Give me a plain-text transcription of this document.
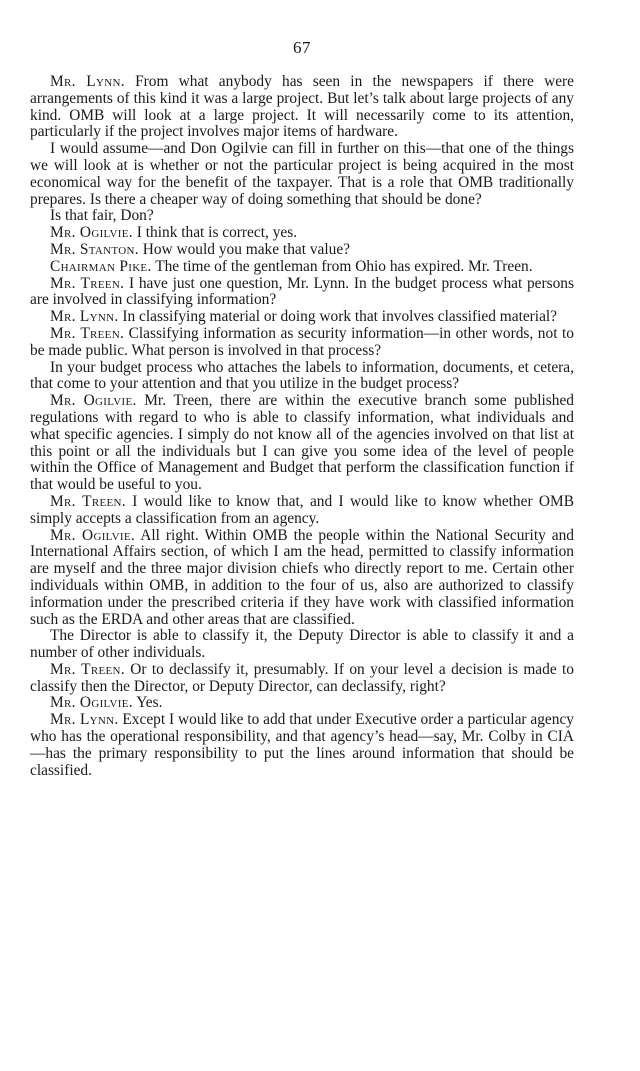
67

Mr. Lynn. From what anybody has seen in the newspapers if there were arrangements of this kind it was a large project. But let’s talk about large projects of any kind. OMB will look at a large project. It will necessarily come to its attention, particularly if the project involves major items of hardware.

I would assume—and Don Ogilvie can fill in further on this—that one of the things we will look at is whether or not the particular project is being acquired in the most economical way for the benefit of the taxpayer. That is a role that OMB traditionally prepares. Is there a cheaper way of doing something that should be done?

Is that fair, Don?

Mr. Ogilvie. I think that is correct, yes.

Mr. Stanton. How would you make that value?

Chairman Pike. The time of the gentleman from Ohio has expired. Mr. Treen.

Mr. Treen. I have just one question, Mr. Lynn. In the budget process what persons are involved in classifying information?

Mr. Lynn. In classifying material or doing work that involves classified material?

Mr. Treen. Classifying information as security information—in other words, not to be made public. What person is involved in that process?

In your budget process who attaches the labels to information, documents, et cetera, that come to your attention and that you utilize in the budget process?

Mr. Ogilvie. Mr. Treen, there are within the executive branch some published regulations with regard to who is able to classify information, what individuals and what specific agencies. I simply do not know all of the agencies involved on that list at this point or all the individuals but I can give you some idea of the level of people within the Office of Management and Budget that perform the classification function if that would be useful to you.

Mr. Treen. I would like to know that, and I would like to know whether OMB simply accepts a classification from an agency.

Mr. Ogilvie. All right. Within OMB the people within the National Security and International Affairs section, of which I am the head, permitted to classify information are myself and the three major division chiefs who directly report to me. Certain other individuals within OMB, in addition to the four of us, also are authorized to classify information under the prescribed criteria if they have work with classified information such as the ERDA and other areas that are classified.

The Director is able to classify it, the Deputy Director is able to classify it and a number of other individuals.

Mr. Treen. Or to declassify it, presumably. If on your level a decision is made to classify then the Director, or Deputy Director, can declassify, right?

Mr. Ogilvie. Yes.

Mr. Lynn. Except I would like to add that under Executive order a particular agency who has the operational responsibility, and that agency’s head—say, Mr. Colby in CIA—has the primary responsibility to put the lines around information that should be classified.
